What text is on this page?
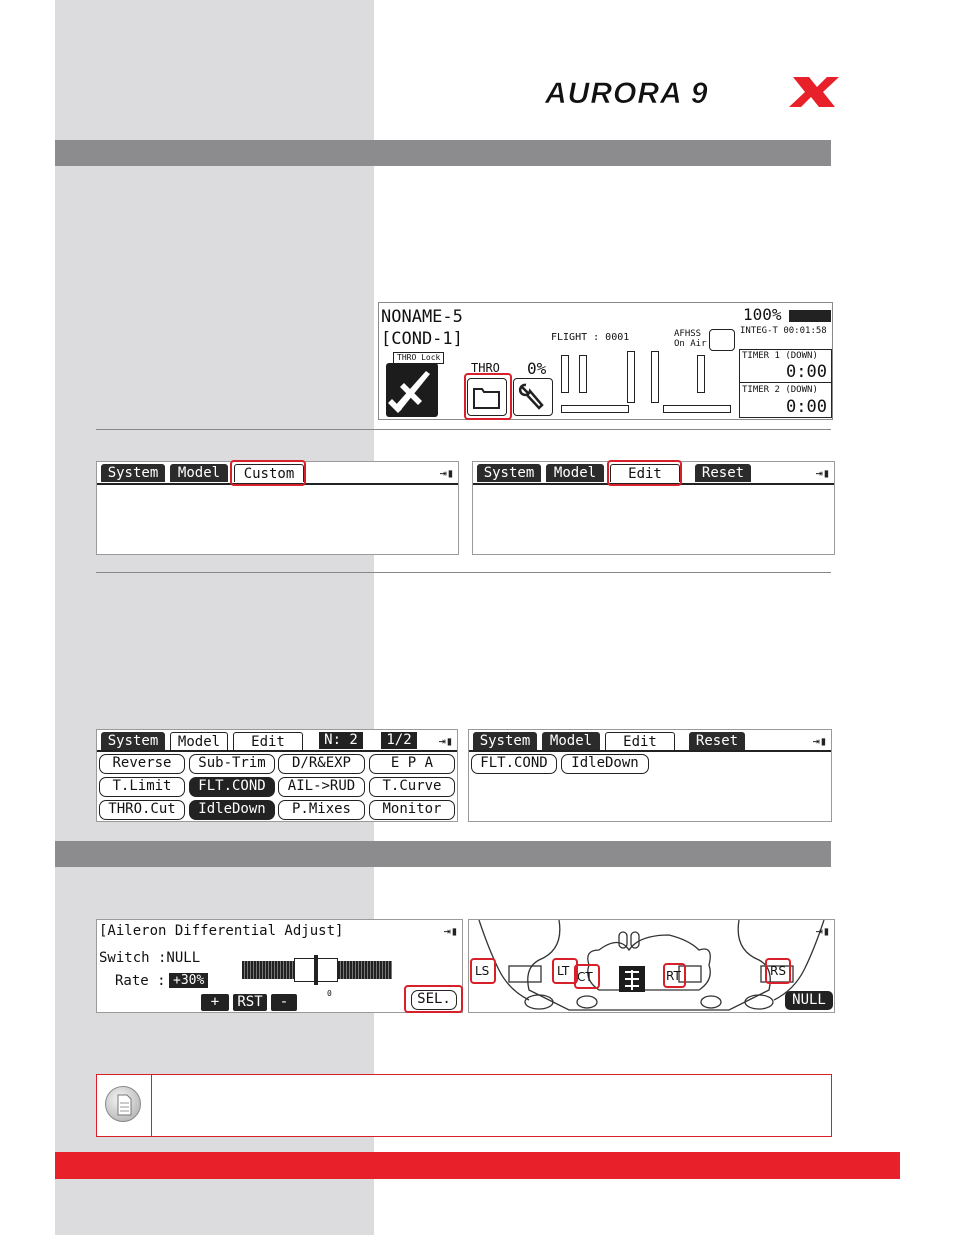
AURORA 9
NONAME-5
[COND-1]
THRO Lock
THRO 0%
FLIGHT : 0001	AFHSS
On Air
100%
INTEG-T 00:01:58
TIMER 1 (DOWN)
0:00
TIMER 2 (DOWN)
0:00
System	Model	Custom	⇥▮	System	Model	Edit	Reset	⇥▮
System	Model	Edit	N: 2	1/2	⇥▮
Reverse	Sub-Trim	D/R&EXP	E P A
T.Limit	FLT.COND	AIL->RUD	T.Curve
THRO.Cut	IdleDown	P.Mixes	Monitor
System	Model	Edit	Reset	⇥▮
FLT.COND	IdleDown
[Aileron Differential Adjust]	⇥▮
Switch :NULL
Rate : +30%
0
+	RST	-	SEL.
⇥▮
LS	LT CT	RT	RS
NULL
